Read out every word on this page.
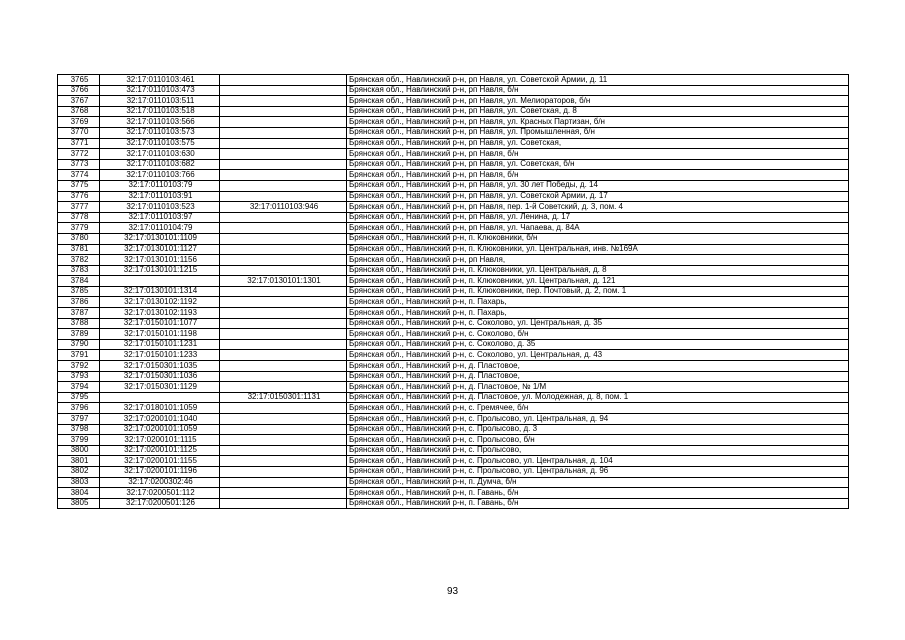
3765	32:17:0110103:461		Брянская обл., Навлинский р-н, рп Навля, ул. Советской Армии, д. 11
3766	32:17:0110103:473		Брянская обл., Навлинский р-н, рп Навля, б/н
3767	32:17:0110103:511		Брянская обл., Навлинский р-н, рп Навля, ул. Мелиораторов, б/н
3768	32:17:0110103:518		Брянская обл., Навлинский р-н, рп Навля, ул. Советская, д. 8
3769	32:17:0110103:566		Брянская обл., Навлинский р-н, рп Навля, ул. Красных Партизан, б/н
3770	32:17:0110103:573		Брянская обл., Навлинский р-н, рп Навля, ул. Промышленная, б/н
3771	32:17:0110103:575		Брянская обл., Навлинский р-н, рп Навля, ул. Советская,
3772	32:17:0110103:630		Брянская обл., Навлинский р-н, рп Навля, б/н
3773	32:17:0110103:682		Брянская обл., Навлинский р-н, рп Навля, ул. Советская, б/н
3774	32:17:0110103:766		Брянская обл., Навлинский р-н, рп Навля, б/н
3775	32:17:0110103:79		Брянская обл., Навлинский р-н, рп Навля, ул. 30 лет Победы, д. 14
3776	32:17:0110103:91		Брянская обл., Навлинский р-н, рп Навля, ул. Советской Армии, д. 17
3777	32:17:0110103:523	32:17:0110103:946	Брянская обл., Навлинский р-н, рп Навля, пер. 1-й Советский, д. 3, пом. 4
3778	32:17:0110103:97		Брянская обл., Навлинский р-н, рп Навля, ул. Ленина, д. 17
3779	32:17:0110104:79		Брянская обл., Навлинский р-н, рп Навля, ул. Чапаева, д. 84А
3780	32:17:0130101:1109		Брянская обл., Навлинский р-н, п. Клюковники, б/н
3781	32:17:0130101:1127		Брянская обл., Навлинский р-н, п. Клюковники, ул. Центральная, инв. №169А
3782	32:17:0130101:1156		Брянская обл., Навлинский р-н, рп Навля,
3783	32:17:0130101:1215		Брянская обл., Навлинский р-н, п. Клюковники, ул. Центральная, д. 8
3784		32:17:0130101:1301	Брянская обл., Навлинский р-н, п. Клюковники, ул. Центральная, д. 121
3785	32:17:0130101:1314		Брянская обл., Навлинский р-н, п. Клюковники, пер. Почтовый, д. 2, пом. 1
3786	32:17:0130102:1192		Брянская обл., Навлинский р-н, п. Пахарь,
3787	32:17:0130102:1193		Брянская обл., Навлинский р-н, п. Пахарь,
3788	32:17:0150101:1077		Брянская обл., Навлинский р-н, с. Соколово, ул. Центральная, д. 35
3789	32:17:0150101:1198		Брянская обл., Навлинский р-н, с. Соколово, б/н
3790	32:17:0150101:1231		Брянская обл., Навлинский р-н, с. Соколово, д. 35
3791	32:17:0150101:1233		Брянская обл., Навлинский р-н, с. Соколово, ул. Центральная, д. 43
3792	32:17:0150301:1035		Брянская обл., Навлинский р-н, д. Пластовое,
3793	32:17:0150301:1036		Брянская обл., Навлинский р-н, д. Пластовое,
3794	32:17:0150301:1129		Брянская обл., Навлинский р-н, д. Пластовое, № 1/М
3795		32:17:0150301:1131	Брянская обл., Навлинский р-н, д. Пластовое, ул. Молодежная, д. 8, пом. 1
3796	32:17:0180101:1059		Брянская обл., Навлинский р-н, с. Гремячее, б/н
3797	32:17:0200101:1040		Брянская обл., Навлинский р-н, с. Пролысово, ул. Центральная, д. 94
3798	32:17:0200101:1059		Брянская обл., Навлинский р-н, с. Пролысово, д. 3
3799	32:17:0200101:1115		Брянская обл., Навлинский р-н, с. Пролысово, б/н
3800	32:17:0200101:1125		Брянская обл., Навлинский р-н, с. Пролысово,
3801	32:17:0200101:1155		Брянская обл., Навлинский р-н, с. Пролысово, ул. Центральная, д. 104
3802	32:17:0200101:1196		Брянская обл., Навлинский р-н, с. Пролысово, ул. Центральная, д. 96
3803	32:17:0200302:46		Брянская обл., Навлинский р-н, п. Думча, б/н
3804	32:17:0200501:112		Брянская обл., Навлинский р-н, п. Гавань, б/н
3805	32:17:0200501:126		Брянская обл., Навлинский р-н, п. Гавань, б/н
93
